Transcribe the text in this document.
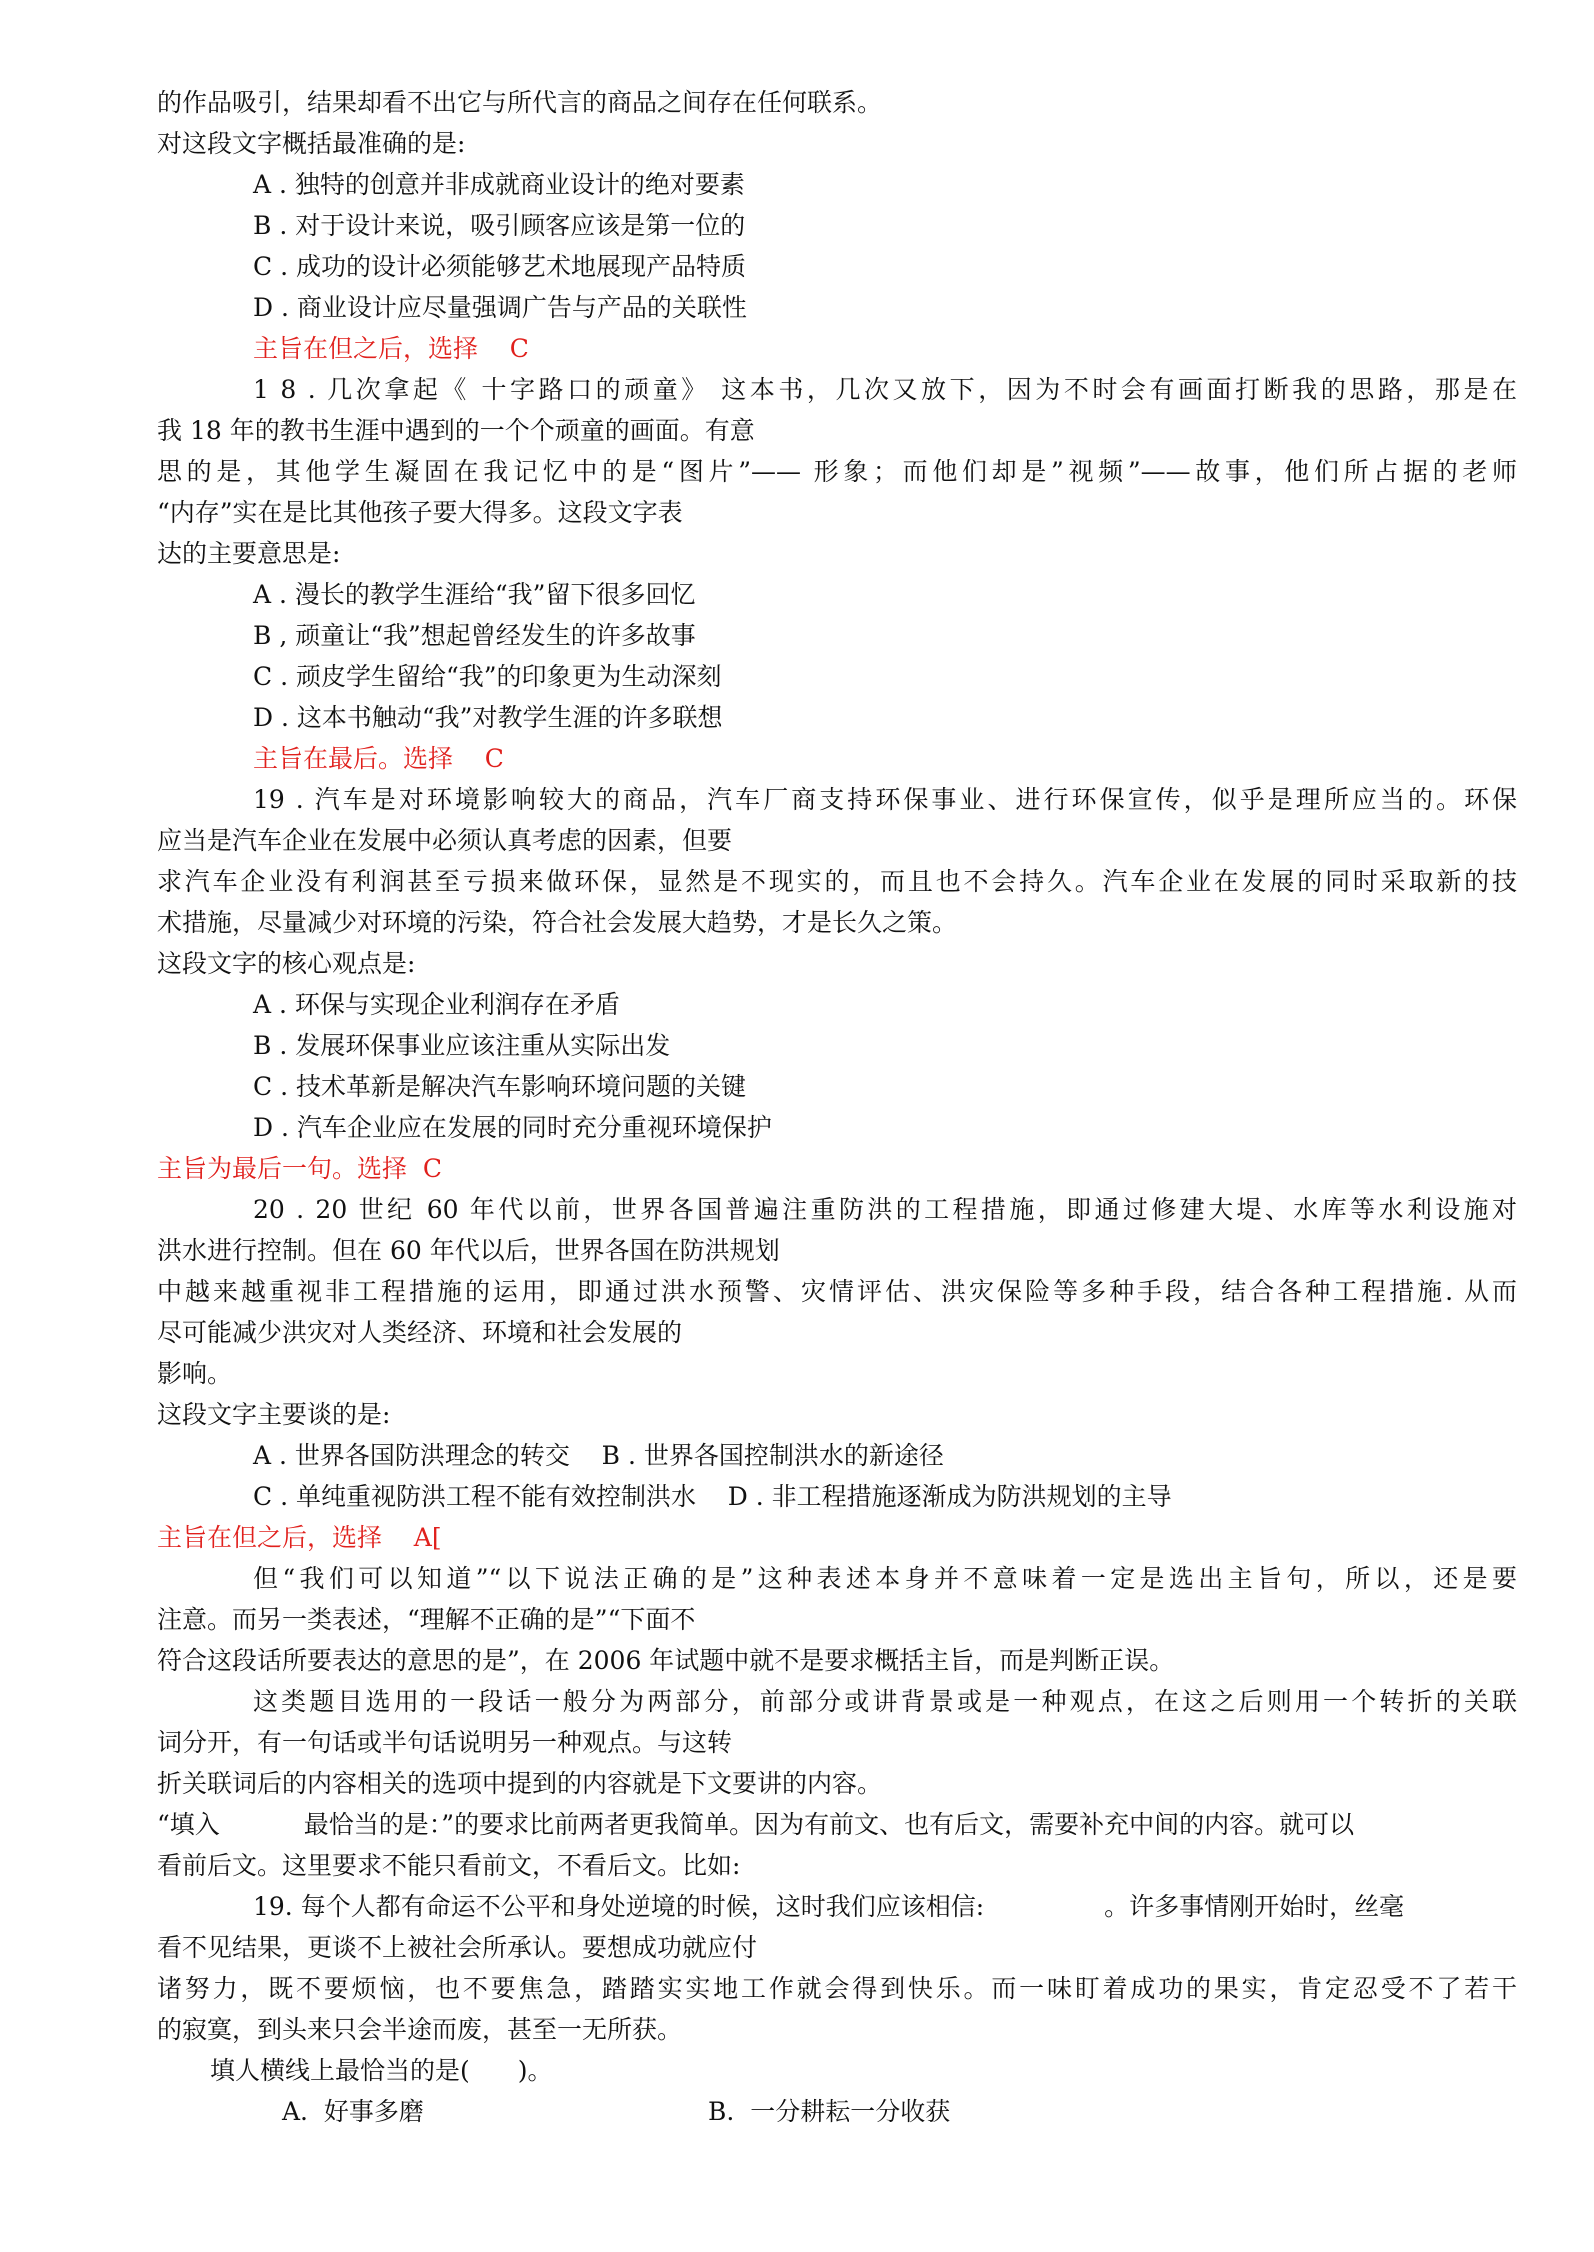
的作品吸引，结果却看不出它与所代言的商品之间存在任何联系。
对这段文字概括最准确的是:
A . 独特的创意并非成就商业设计的绝对要素
B . 对于设计来说，吸引顾客应该是第一位的
C . 成功的设计必须能够艺术地展现产品特质
D . 商业设计应尽量强调广告与产品的关联性
主旨在但之后，选择    C
1 8 . 几次拿起《 十字路口的顽童》 这本书，几次又放下，因为不时会有画面打断我的思路，那是在
我 18 年的教书生涯中遇到的一个个顽童的画面。有意
思的是，其他学生凝固在我记忆中的是“图片”—— 形象；而他们却是”视频”——故事，他们所占据的老师
“内存”实在是比其他孩子要大得多。这段文字表
达的主要意思是:
A . 漫长的教学生涯给“我”留下很多回忆
B , 顽童让“我”想起曾经发生的许多故事
C . 顽皮学生留给“我”的印象更为生动深刻
D . 这本书触动“我”对教学生涯的许多联想
主旨在最后。选择    C
19 . 汽车是对环境影响较大的商品，汽车厂商支持环保事业、进行环保宣传，似乎是理所应当的。环保
应当是汽车企业在发展中必须认真考虑的因素，但要
求汽车企业没有利润甚至亏损来做环保，显然是不现实的，而且也不会持久。汽车企业在发展的同时采取新的技
术措施，尽量减少对环境的污染，符合社会发展大趋势，才是长久之策。
这段文字的核心观点是:
A . 环保与实现企业利润存在矛盾
B . 发展环保事业应该注重从实际出发
C . 技术革新是解决汽车影响环境问题的关键
D . 汽车企业应在发展的同时充分重视环境保护
主旨为最后一句。选择  C
20 . 20 世纪 60 年代以前，世界各国普遍注重防洪的工程措施，即通过修建大堤、水库等水利设施对
洪水进行控制。但在 60 年代以后，世界各国在防洪规划
中越来越重视非工程措施的运用，即通过洪水预警、灾情评估、洪灾保险等多种手段，结合各种工程措施. 从而
尽可能减少洪灾对人类经济、环境和社会发展的
影响。
这段文字主要谈的是:
A . 世界各国防洪理念的转交    B . 世界各国控制洪水的新途径
C . 单纯重视防洪工程不能有效控制洪水    D . 非工程措施逐渐成为防洪规划的主导
主旨在但之后，选择    A[
但“我们可以知道”“以下说法正确的是”这种表述本身并不意味着一定是选出主旨句，所以，还是要
注意。而另一类表述，“理解不正确的是”“下面不
符合这段话所要表达的意思的是”，在 2006 年试题中就不是要求概括主旨，而是判断正误。
这类题目选用的一段话一般分为两部分，前部分或讲背景或是一种观点，在这之后则用一个转折的关联
词分开，有一句话或半句话说明另一种观点。与这转
折关联词后的内容相关的选项中提到的内容就是下文要讲的内容。
“填入	最恰当的是：”的要求比前两者更我简单。因为有前文、也有后文，需要补充中间的内容。就可以
看前后文。这里要求不能只看前文，不看后文。比如:
19. 每个人都有命运不公平和身处逆境的时候，这时我们应该相信:	。许多事情刚开始时，丝毫
看不见结果，更谈不上被社会所承认。要想成功就应付
诸努力，既不要烦恼，也不要焦急，踏踏实实地工作就会得到快乐。而一味盯着成功的果实，肯定忍受不了若干
的寂寞，到头来只会半途而废，甚至一无所获。
填人横线上最恰当的是( )。
A.  好事多磨	B.  一分耕耘一分收获
